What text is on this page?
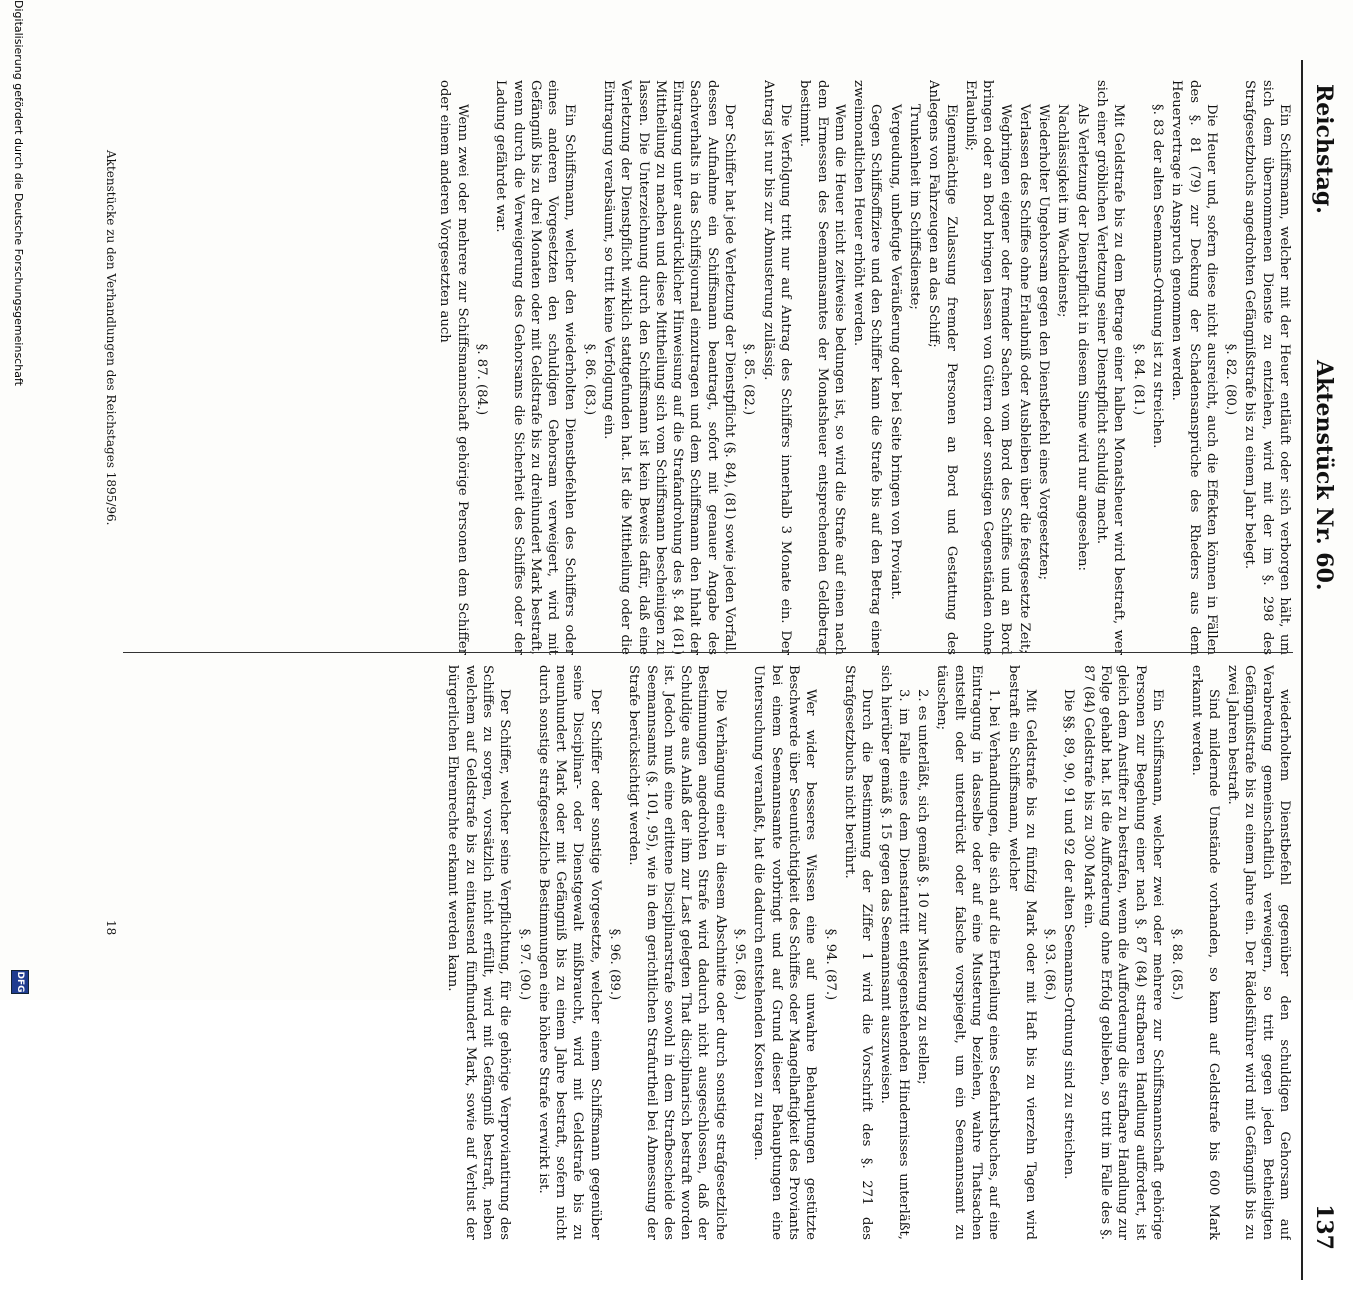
Reichstag.
Aktenstück Nr. 60.
137

Ein Schiffsmann, welcher mit der Heuer entläuft oder sich verborgen hält, um sich dem übernommenen Dienste zu entziehen, wird mit der im §. 298 des Strafgesetzbuchs angedrohten Gefängnißstrafe bis zu einem Jahr belegt.

§. 82. (80.)

Die Heuer und, sofern diese nicht ausreicht, auch die Effekten können in Fällen des §. 81 (79) zur Deckung der Schadensansprüche des Rheders aus dem Heuervertrage in Anspruch genommen werden.

§. 83 der alten Seemanns-Ordnung ist zu streichen.

§. 84. (81.)

Mit Geldstrafe bis zu dem Betrage einer halben Monatsheuer wird bestraft, wer sich einer gröblichen Verletzung seiner Dienstpflicht schuldig macht.

Als Verletzung der Dienstpflicht in diesem Sinne wird nur angesehen:

Nachlässigkeit im Wachdienste;

Wiederholter Ungehorsam gegen den Dienstbefehl eines Vorgesetzten;

Verlassen des Schiffes ohne Erlaubniß oder Ausbleiben über die festgesetzte Zeit;

Wegbringen eigener oder fremder Sachen vom Bord des Schiffes und an Bord bringen oder an Bord bringen lassen von Gütern oder sonstigen Gegenständen ohne Erlaubniß;

Eigenmächtige Zulassung fremder Personen an Bord und Gestattung des Anlegens von Fahrzeugen an das Schiff;

Trunkenheit im Schiffsdienste;

Vergeudung, unbefugte Veräußerung oder bei Seite bringen von Proviant.

Gegen Schiffsoffiziere und den Schiffer kann die Strafe bis auf den Betrag einer zweimonatlichen Heuer erhöht werden.

Wenn die Heuer nicht zeitweise bedungen ist, so wird die Strafe auf einen nach dem Ermessen des Seemannsamtes der Monatsheuer entsprechenden Geldbetrag bestimmt.

Die Verfolgung tritt nur auf Antrag des Schiffers innerhalb 3 Monate ein. Der Antrag ist nur bis zur Abmusterung zulässig.

§. 85. (82.)

Der Schiffer hat jede Verletzung der Dienstpflicht (§. 84), (81) sowie jeden Vorfall, dessen Aufnahme ein Schiffsmann beantragt, sofort mit genauer Angabe des Sachverhalts in das Schiffsjournal einzutragen und dem Schiffsmann den Inhalt der Eintragung unter ausdrücklicher Hinweisung auf die Strafandrohung des §. 84 (81) Mittheilung zu machen und diese Mittheilung sich vom Schiffsmann bescheinigen zu lassen. Die Unterzeichnung durch den Schiffsmann ist kein Beweis dafür, daß eine Verletzung der Dienstpflicht wirklich stattgefunden hat. Ist die Mittheilung oder die Eintragung verabsäumt, so tritt keine Verfolgung ein.

§. 86. (83.)

Ein Schiffsmann, welcher den wiederholten Dienstbefehlen des Schiffers oder eines anderen Vorgesetzten den schuldigen Gehorsam verweigert, wird mit Gefängniß bis zu drei Monaten oder mit Geldstrafe bis zu dreihundert Mark bestraft, wenn durch die Verweigerung des Gehorsams die Sicherheit des Schiffes oder der Ladung gefährdet war.

§. 87. (84.)

Wenn zwei oder mehrere zur Schiffsmannschaft gehörige Personen dem Schiffer oder einem anderen Vorgesetzten auch

wiederholtem Dienstbefehl gegenüber den schuldigen Gehorsam auf Verabredung gemeinschaftlich verweigern, so tritt gegen jeden Betheiligten Gefängnißstrafe bis zu einem Jahre ein. Der Rädelsführer wird mit Gefängniß bis zu zwei Jahren bestraft.

Sind mildernde Umstände vorhanden, so kann auf Geldstrafe bis 600 Mark erkannt werden.

§. 88. (85.)

Ein Schiffsmann, welcher zwei oder mehrere zur Schiffsmannschaft gehörige Personen zur Begehung einer nach §. 87 (84) strafbaren Handlung auffordert, ist gleich dem Anstifter zu bestrafen, wenn die Aufforderung die strafbare Handlung zur Folge gehabt hat. Ist die Aufforderung ohne Erfolg geblieben, so tritt im Falle des §. 87 (84) Geldstrafe bis zu 300 Mark ein.

Die §§. 89, 90, 91 und 92 der alten Seemanns-Ordnung sind zu streichen.

§. 93. (86.)

Mit Geldstrafe bis zu fünfzig Mark oder mit Haft bis zu vierzehn Tagen wird bestraft ein Schiffsmann, welcher

1. bei Verhandlungen, die sich auf die Ertheilung eines Seefahrtsbuches, auf eine Eintragung in dasselbe oder auf eine Musterung beziehen, wahre Thatsachen entstellt oder unterdrückt oder falsche vorspiegelt, um ein Seemannsamt zu täuschen;

2. es unterläßt, sich gemäß §. 10 zur Musterung zu stellen;

3. im Falle eines dem Dienstantritt entgegenstehenden Hindernisses unterläßt, sich hierüber gemäß §. 15 gegen das Seemannsamt auszuweisen.

Durch die Bestimmung der Ziffer 1 wird die Vorschrift des §. 271 des Strafgesetzbuchs nicht berührt.

§. 94. (87.)

Wer wider besseres Wissen eine auf unwahre Behauptungen gestützte Beschwerde über Seeuntüchtigkeit des Schiffes oder Mangelhaftigkeit des Proviants bei einem Seemannsamte vorbringt und auf Grund dieser Behauptungen eine Untersuchung veranlaßt, hat die dadurch entstehenden Kosten zu tragen.

§. 95. (88.)

Die Verhängung einer in diesem Abschnitte oder durch sonstige strafgesetzliche Bestimmungen angedrohten Strafe wird dadurch nicht ausgeschlossen, daß der Schuldige aus Anlaß der ihm zur Last gelegten That disciplinarisch bestraft worden ist. Jedoch muß eine erlittene Disciplinarstrafe sowohl in dem Strafbescheide des Seemannsamts (§. 101, 95), wie in dem gerichtlichen Strafurtheil bei Abmessung der Strafe berücksichtigt werden.

§. 96. (89.)

Der Schiffer oder sonstige Vorgesetzte, welcher einem Schiffsmann gegenüber seine Disciplinar- oder Dienstgewalt mißbraucht, wird mit Geldstrafe bis zu neunhundert Mark oder mit Gefängniß bis zu einem Jahre bestraft, sofern nicht durch sonstige strafgesetzliche Bestimmungen eine höhere Strafe verwirkt ist.

§. 97. (90.)

Der Schiffer, welcher seine Verpflichtung, für die gehörige Verproviantirung des Schiffes zu sorgen, vorsätzlich nicht erfüllt, wird mit Gefängniß bestraft, neben welchem auf Geldstrafe bis zu eintausend fünfhundert Mark, sowie auf Verlust der bürgerlichen Ehrenrechte erkannt werden kann.

Aktenstücke zu den Verhandlungen des Reichstages 1895/96.
18
Digitalisierung gefördert durch die Deutsche Forschungsgemeinschaft
DFG
